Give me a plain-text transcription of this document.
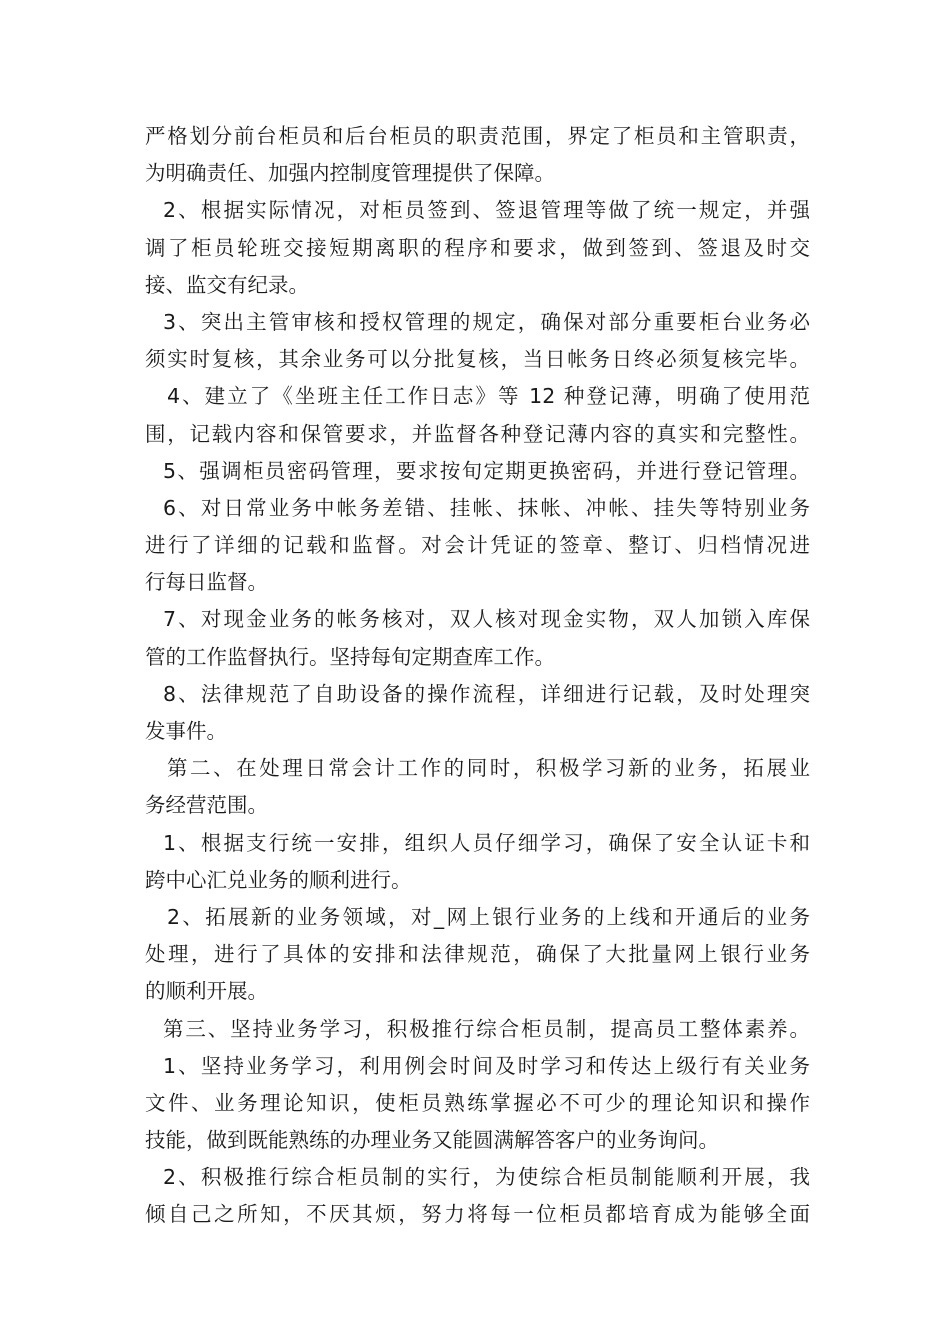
严格划分前台柜员和后台柜员的职责范围，界定了柜员和主管职责，
为明确责任、加强内控制度管理提供了保障。
2、根据实际情况，对柜员签到、签退管理等做了统一规定，并强
调了柜员轮班交接短期离职的程序和要求，做到签到、签退及时交
接、监交有纪录。
3、突出主管审核和授权管理的规定，确保对部分重要柜台业务必
须实时复核，其余业务可以分批复核，当日帐务日终必须复核完毕。
4、建立了《坐班主任工作日志》等 12 种登记薄，明确了使用范
围，记载内容和保管要求，并监督各种登记薄内容的真实和完整性。
5、强调柜员密码管理，要求按旬定期更换密码，并进行登记管理。
6、对日常业务中帐务差错、挂帐、抹帐、冲帐、挂失等特别业务
进行了详细的记载和监督。对会计凭证的签章、整订、归档情况进
行每日监督。
7、对现金业务的帐务核对，双人核对现金实物，双人加锁入库保
管的工作监督执行。坚持每旬定期查库工作。
8、法律规范了自助设备的操作流程，详细进行记载，及时处理突
发事件。
第二、在处理日常会计工作的同时，积极学习新的业务，拓展业
务经营范围。
1、根据支行统一安排，组织人员仔细学习，确保了安全认证卡和
跨中心汇兑业务的顺利进行。
2、拓展新的业务领域，对_网上银行业务的上线和开通后的业务
处理，进行了具体的安排和法律规范，确保了大批量网上银行业务
的顺利开展。
第三、坚持业务学习，积极推行综合柜员制，提高员工整体素养。
1、坚持业务学习，利用例会时间及时学习和传达上级行有关业务
文件、业务理论知识，使柜员熟练掌握必不可少的理论知识和操作
技能，做到既能熟练的办理业务又能圆满解答客户的业务询问。
2、积极推行综合柜员制的实行，为使综合柜员制能顺利开展，我
倾自己之所知，不厌其烦，努力将每一位柜员都培育成为能够全面
